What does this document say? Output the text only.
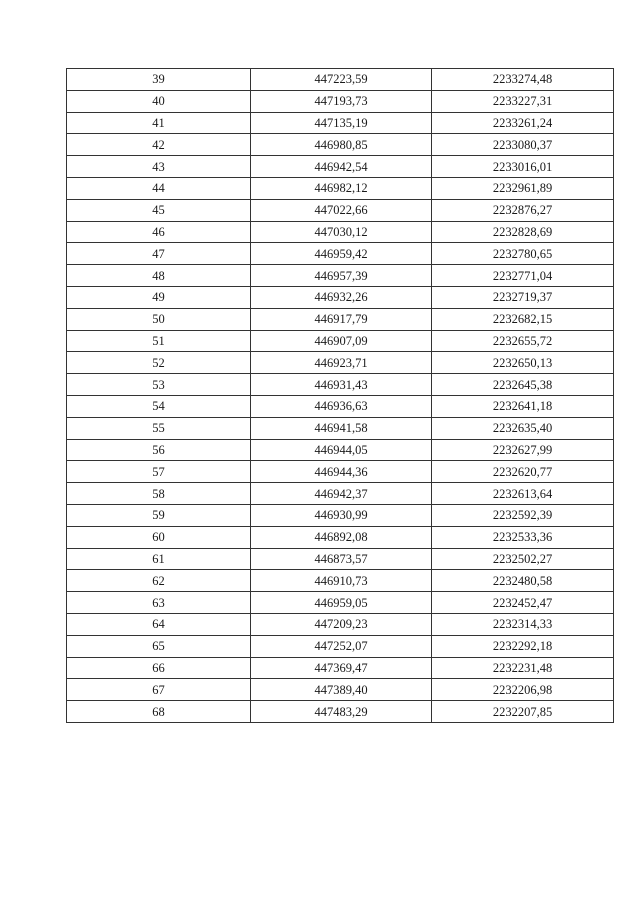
39	447223,59	2233274,48
40	447193,73	2233227,31
41	447135,19	2233261,24
42	446980,85	2233080,37
43	446942,54	2233016,01
44	446982,12	2232961,89
45	447022,66	2232876,27
46	447030,12	2232828,69
47	446959,42	2232780,65
48	446957,39	2232771,04
49	446932,26	2232719,37
50	446917,79	2232682,15
51	446907,09	2232655,72
52	446923,71	2232650,13
53	446931,43	2232645,38
54	446936,63	2232641,18
55	446941,58	2232635,40
56	446944,05	2232627,99
57	446944,36	2232620,77
58	446942,37	2232613,64
59	446930,99	2232592,39
60	446892,08	2232533,36
61	446873,57	2232502,27
62	446910,73	2232480,58
63	446959,05	2232452,47
64	447209,23	2232314,33
65	447252,07	2232292,18
66	447369,47	2232231,48
67	447389,40	2232206,98
68	447483,29	2232207,85
